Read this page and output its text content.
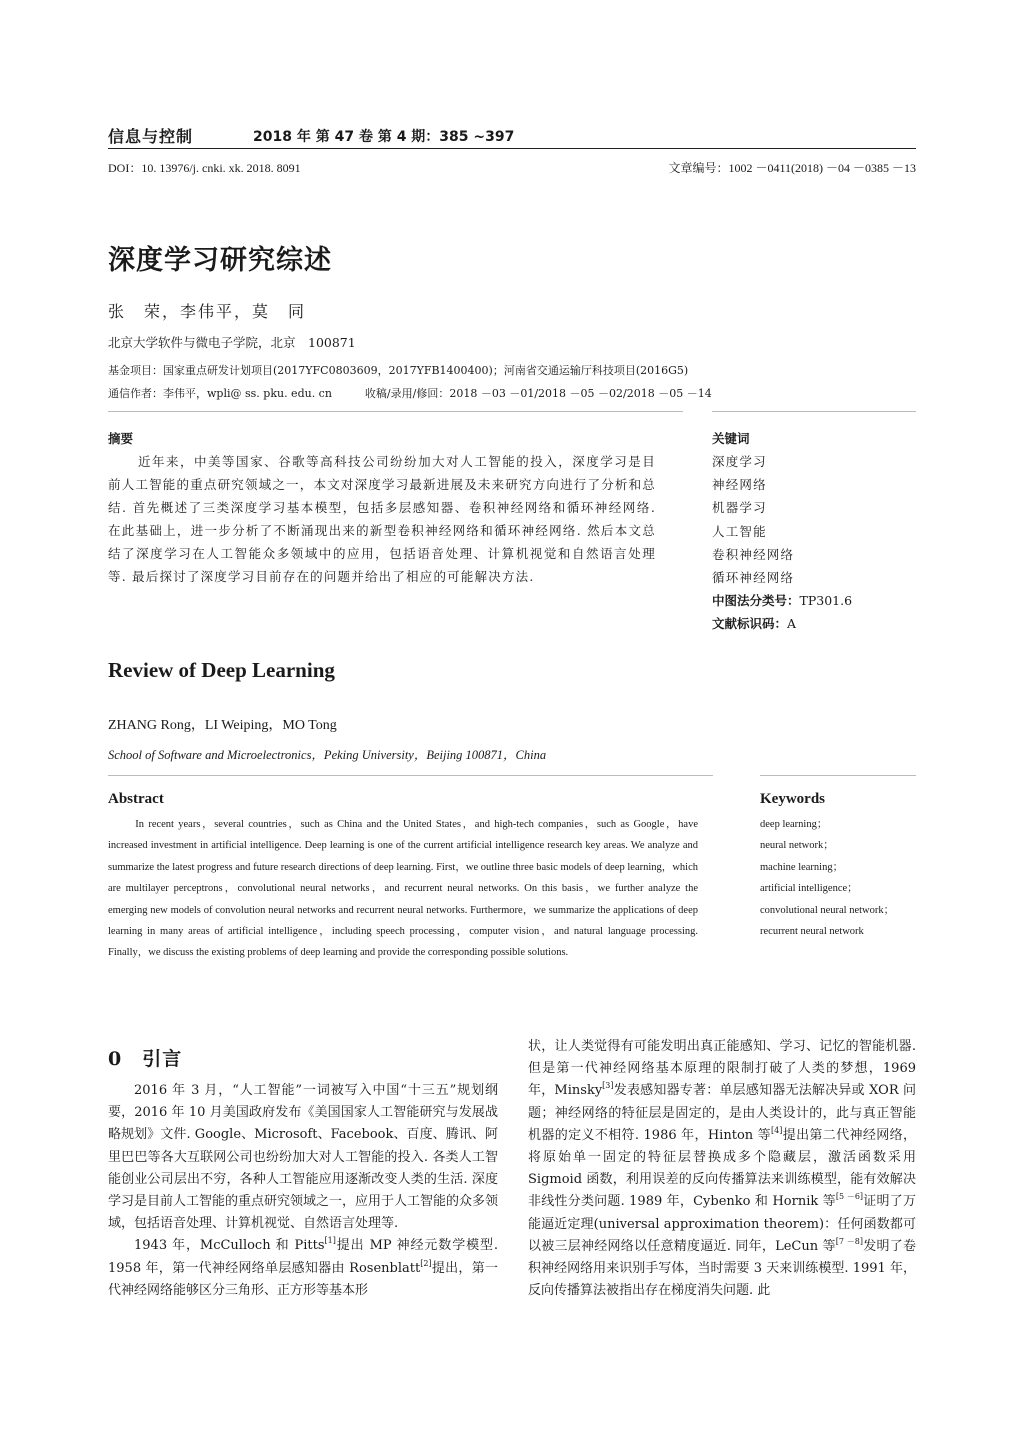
信息与控制	2018 年 第 47 卷 第 4 期：385 ~397
DOI：10. 13976/j. cnki. xk. 2018. 8091	文章编号：1002 －0411(2018) －04 －0385 －13
深度学习研究综述
张　荣，李伟平，莫　同
北京大学软件与微电子学院，北京　100871
基金项目：国家重点研发计划项目(2017YFC0803609，2017YFB1400400)；河南省交通运输厅科技项目(2016G5)
通信作者：李伟平，wpli@ ss. pku. edu. cn　　　收稿/录用/修回：2018 －03 －01/2018 －05 －02/2018 －05 －14
摘要
近年来，中美等国家、谷歌等高科技公司纷纷加大对人工智能的投入，深度学习是目前人工智能的重点研究领域之一，本文对深度学习最新进展及未来研究方向进行了分析和总结. 首先概述了三类深度学习基本模型，包括多层感知器、卷积神经网络和循环神经网络. 在此基础上，进一步分析了不断涌现出来的新型卷积神经网络和循环神经网络. 然后本文总结了深度学习在人工智能众多领域中的应用，包括语音处理、计算机视觉和自然语言处理等. 最后探讨了深度学习目前存在的问题并给出了相应的可能解决方法.
关键词
深度学习
神经网络
机器学习
人工智能
卷积神经网络
循环神经网络
中图法分类号：TP301.6
文献标识码：A
Review of Deep Learning
ZHANG Rong，LI Weiping，MO Tong
School of Software and Microelectronics，Peking University，Beijing 100871，China
Abstract
In recent years，several countries，such as China and the United States，and high-tech companies，such as Google，have increased investment in artificial intelligence. Deep learning is one of the current artificial intelligence research key areas. We analyze and summarize the latest progress and future research directions of deep learning. First，we outline three basic models of deep learning，which are multilayer perceptrons，convolutional neural networks，and recurrent neural networks. On this basis，we further analyze the emerging new models of convolution neural networks and recurrent neural networks. Furthermore，we summarize the applications of deep learning in many areas of artificial intelligence，including speech processing，computer vision，and natural language processing. Finally，we discuss the existing problems of deep learning and provide the corresponding possible solutions.
Keywords
deep learning；
neural network；
machine learning；
artificial intelligence；
convolutional neural network；
recurrent neural network
0　引言

2016 年 3 月，“人工智能”一词被写入中国“十三五”规划纲要，2016 年 10 月美国政府发布《美国国家人工智能研究与发展战略规划》文件. Google、Microsoft、Facebook、百度、腾讯、阿里巴巴等各大互联网公司也纷纷加大对人工智能的投入. 各类人工智能创业公司层出不穷，各种人工智能应用逐渐改变人类的生活. 深度学习是目前人工智能的重点研究领域之一，应用于人工智能的众多领域，包括语音处理、计算机视觉、自然语言处理等.

1943 年，McCulloch 和 Pitts[1]提出 MP 神经元数学模型. 1958 年，第一代神经网络单层感知器由 Rosenblatt[2]提出，第一代神经网络能够区分三角形、正方形等基本形

状，让人类觉得有可能发明出真正能感知、学习、记忆的智能机器. 但是第一代神经网络基本原理的限制打破了人类的梦想，1969 年，Minsky[3]发表感知器专著：单层感知器无法解决异或 XOR 问题；神经网络的特征层是固定的，是由人类设计的，此与真正智能机器的定义不相符. 1986 年，Hinton 等[4]提出第二代神经网络，将原始单一固定的特征层替换成多个隐藏层，激活函数采用 Sigmoid 函数，利用误差的反向传播算法来训练模型，能有效解决非线性分类问题. 1989 年，Cybenko 和 Hornik 等[5 －6]证明了万能逼近定理(universal approximation theorem)：任何函数都可以被三层神经网络以任意精度逼近. 同年，LeCun 等[7 －8]发明了卷积神经网络用来识别手写体，当时需要 3 天来训练模型. 1991 年，反向传播算法被指出存在梯度消失问题. 此
